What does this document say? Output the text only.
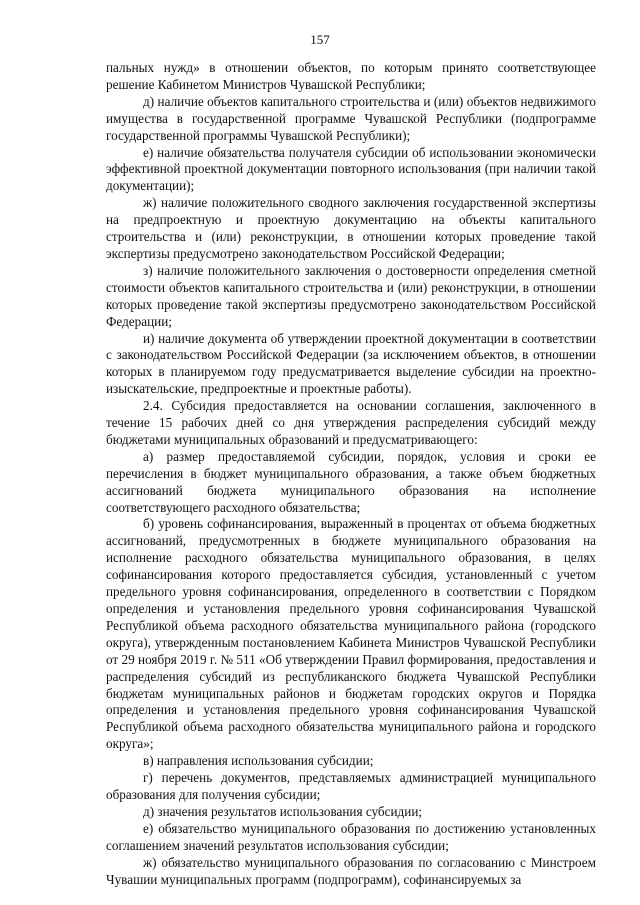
157

пальных нужд» в отношении объектов, по которым принято соответствующее решение Кабинетом Министров Чувашской Республики;

д) наличие объектов капитального строительства и (или) объектов недвижимого имущества в государственной программе Чувашской Республики (подпрограмме государственной программы Чувашской Республики);

е) наличие обязательства получателя субсидии об использовании экономически эффективной проектной документации повторного использования (при наличии такой документации);

ж) наличие положительного сводного заключения государственной экспертизы на предпроектную и проектную документацию на объекты капитального строительства и (или) реконструкции, в отношении которых проведение такой экспертизы предусмотрено законодательством Российской Федерации;

з) наличие положительного заключения о достоверности определения сметной стоимости объектов капитального строительства и (или) реконструкции, в отношении которых проведение такой экспертизы предусмотрено законодательством Российской Федерации;

и) наличие документа об утверждении проектной документации в соответствии с законодательством Российской Федерации (за исключением объектов, в отношении которых в планируемом году предусматривается выделение субсидии на проектно-изыскательские, предпроектные и проектные работы).

2.4. Субсидия предоставляется на основании соглашения, заключенного в течение 15 рабочих дней со дня утверждения распределения субсидий между бюджетами муниципальных образований и предусматривающего:

а) размер предоставляемой субсидии, порядок, условия и сроки ее перечисления в бюджет муниципального образования, а также объем бюджетных ассигнований бюджета муниципального образования на исполнение соответствующего расходного обязательства;

б) уровень софинансирования, выраженный в процентах от объема бюджетных ассигнований, предусмотренных в бюджете муниципального образования на исполнение расходного обязательства муниципального образования, в целях софинансирования которого предоставляется субсидия, установленный с учетом предельного уровня софинансирования, определенного в соответствии с Порядком определения и установления предельного уровня софинансирования Чувашской Республикой объема расходного обязательства муниципального района (городского округа), утвержденным постановлением Кабинета Министров Чувашской Республики от 29 ноября 2019 г. № 511 «Об утверждении Правил формирования, предоставления и распределения субсидий из республиканского бюджета Чувашской Республики бюджетам муниципальных районов и бюджетам городских округов и Порядка определения и установления предельного уровня софинансирования Чувашской Республикой объема расходного обязательства муниципального района и городского округа»;

в) направления использования субсидии;

г) перечень документов, представляемых администрацией муниципального образования для получения субсидии;

д) значения результатов использования субсидии;

е) обязательство муниципального образования по достижению установленных соглашением значений результатов использования субсидии;

ж) обязательство муниципального образования по согласованию с Минстроем Чувашии муниципальных программ (подпрограмм), софинансируемых за
